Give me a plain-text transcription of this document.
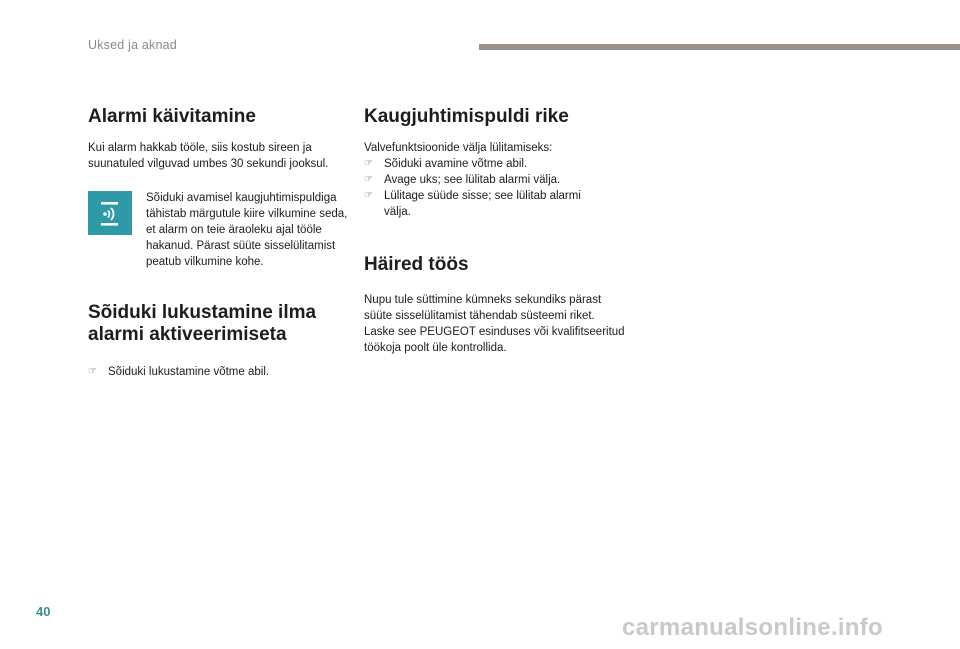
Uksed ja aknad
Alarmi käivitamine

Kui alarm hakkab tööle, siis kostub sireen ja suunatuled vilguvad umbes 30 sekundi jooksul.

Sõiduki avamisel kaugjuhtimispuldiga tähistab märgutule kiire vilkumine seda, et alarm on teie äraoleku ajal tööle hakanud. Pärast süüte sisselülitamist peatub vilkumine kohe.

Sõiduki lukustamine ilma alarmi aktiveerimiseta
☞ Sõiduki lukustamine võtme abil.
Kaugjuhtimispuldi rike

Valvefunktsioonide välja lülitamiseks:

☞ Sõiduki avamine võtme abil.
☞ Avage uks; see lülitab alarmi välja.
☞ Lülitage süüde sisse; see lülitab alarmi välja.
Häired töös

Nupu tule süttimine kümneks sekundiks pärast süüte sisselülitamist tähendab süsteemi riket. Laske see PEUGEOT esinduses või kvalifitseeritud töökoja poolt üle kontrollida.

40
carmanualsonline.info
